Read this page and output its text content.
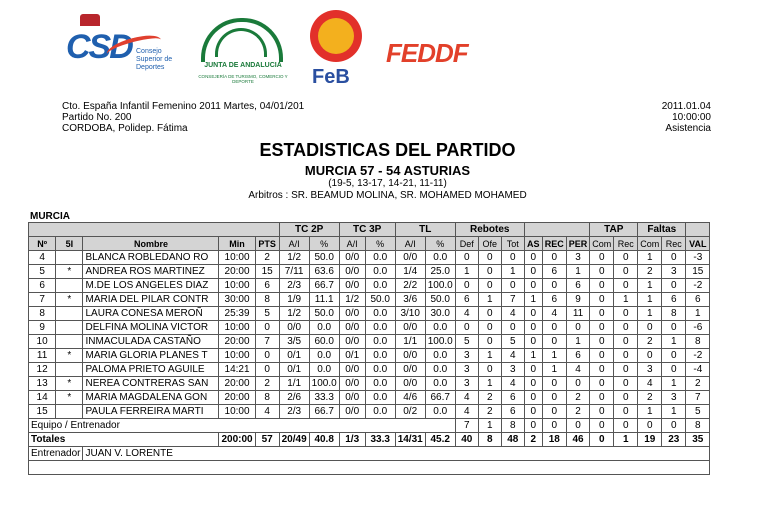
CSD Consejo Superior de Deportes	JUNTA DE ANDALUCIA
CONSEJERÍA DE TURISMO, COMERCIO Y DEPORTE	FeB
FEDDF
Cto. España Infantil Femenino 2011 Martes, 04/01/201
Partido No. 200
CORDOBA, Polidep. Fátima
2011.01.04
10:00:00
Asistencia
ESTADISTICAS DEL PARTIDO
MURCIA 57 - 54 ASTURIAS
(19-5, 13-17, 14-21, 11-11)
Arbitros : SR. BEAMUD MOLINA, SR. MOHAMED MOHAMED
MURCIA
					TC 2P		TC 3P		TL		Rebotes						TAP		Faltas		
Nº	5I	Nombre	Min	PTS	A/I	%	A/I	%	A/I	%	Def	Ofe	Tot	AS	REC	PER	Com	Rec	Com	Rec	VAL
4		BLANCA ROBLEDANO RO	10:00	2	1/2	50.0	0/0	0.0	0/0	0.0	0	0	0	0	0	3	0	0	1	0	-3
5	*	ANDREA ROS MARTINEZ	20:00	15	7/11	63.6	0/0	0.0	1/4	25.0	1	0	1	0	6	1	0	0	2	3	15
6		M.DE LOS ANGELES DIAZ	10:00	6	2/3	66.7	0/0	0.0	2/2	100.0	0	0	0	0	0	6	0	0	1	0	-2
7	*	MARIA DEL PILAR CONTR	30:00	8	1/9	11.1	1/2	50.0	3/6	50.0	6	1	7	1	6	9	0	1	1	6	6
8		LAURA CONESA MEROÑ	25:39	5	1/2	50.0	0/0	0.0	3/10	30.0	4	0	4	0	4	11	0	0	1	8	1
9		DELFINA MOLINA VICTOR	10:00	0	0/0	0.0	0/0	0.0	0/0	0.0	0	0	0	0	0	0	0	0	0	0	-6
10		INMACULADA CASTAÑO	20:00	7	3/5	60.0	0/0	0.0	1/1	100.0	5	0	5	0	0	1	0	0	2	1	8
11	*	MARIA GLORIA PLANES T	10:00	0	0/1	0.0	0/1	0.0	0/0	0.0	3	1	4	1	1	6	0	0	0	0	-2
12		PALOMA PRIETO AGUILE	14:21	0	0/1	0.0	0/0	0.0	0/0	0.0	3	0	3	0	1	4	0	0	3	0	-4
13	*	NEREA CONTRERAS SAN	20:00	2	1/1	100.0	0/0	0.0	0/0	0.0	3	1	4	0	0	0	0	0	4	1	2
14	*	MARIA MAGDALENA GON	20:00	8	2/6	33.3	0/0	0.0	4/6	66.7	4	2	6	0	0	2	0	0	2	3	7
15		PAULA FERREIRA MARTI	10:00	4	2/3	66.7	0/0	0.0	0/2	0.0	4	2	6	0	0	2	0	0	1	1	5
Equipo / Entrenador											7	1	8	0	0	0	0	0	0	0	8
Totales			200:00	57	20/49	40.8	1/3	33.3	14/31	45.2	40	8	48	2	18	46	0	1	19	23	35
Entrenador		JUAN V. LORENTE																			
